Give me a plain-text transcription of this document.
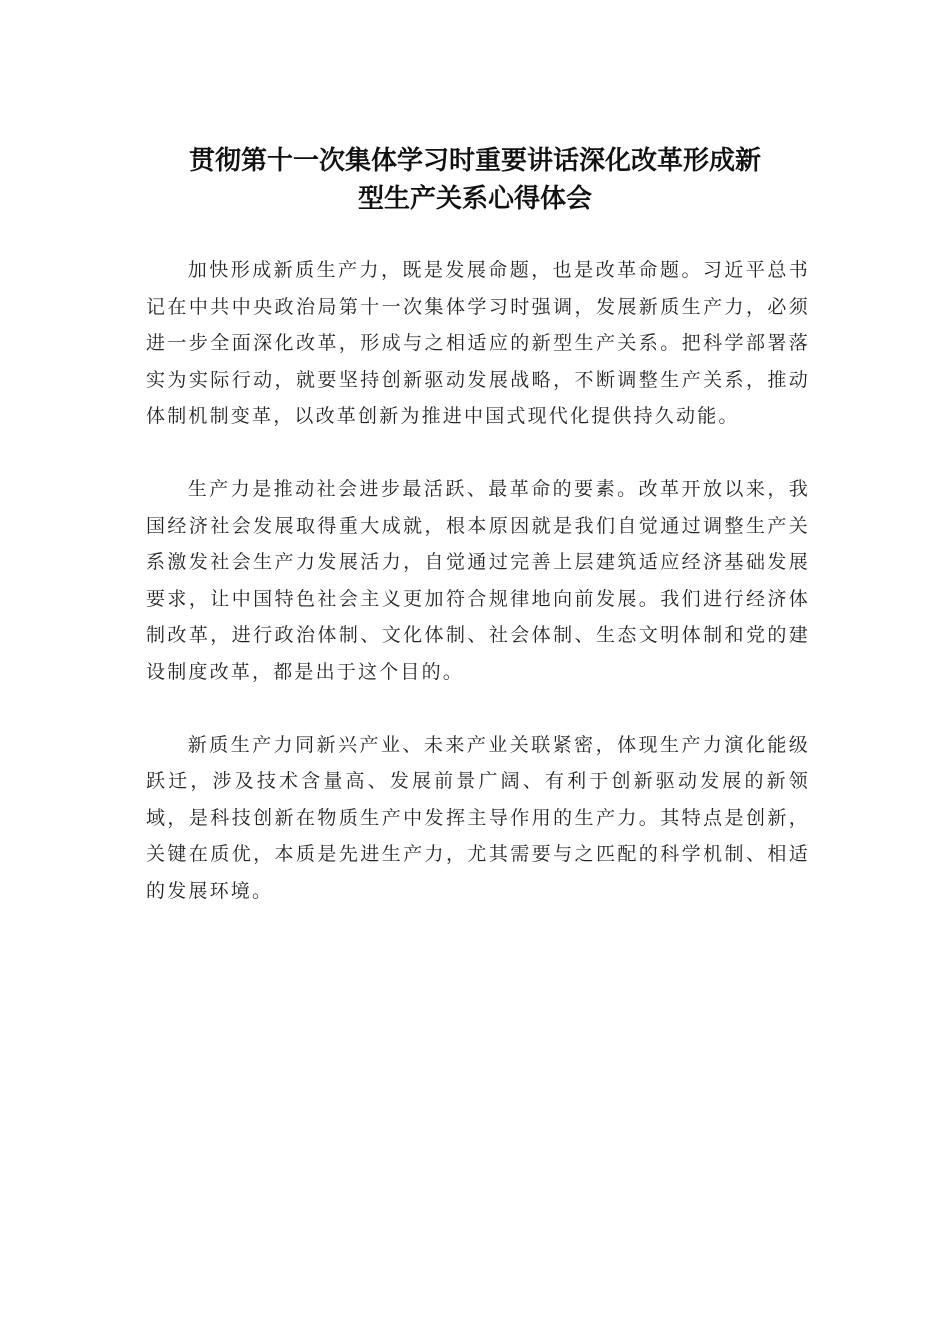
贯彻第十一次集体学习时重要讲话深化改革形成新
型生产关系心得体会

加快形成新质生产力，既是发展命题，也是改革命题。习近平总书记在中共中央政治局第十一次集体学习时强调，发展新质生产力，必须进一步全面深化改革，形成与之相适应的新型生产关系。把科学部署落实为实际行动，就要坚持创新驱动发展战略，不断调整生产关系，推动体制机制变革，以改革创新为推进中国式现代化提供持久动能。

生产力是推动社会进步最活跃、最革命的要素。改革开放以来，我国经济社会发展取得重大成就，根本原因就是我们自觉通过调整生产关系激发社会生产力发展活力，自觉通过完善上层建筑适应经济基础发展要求，让中国特色社会主义更加符合规律地向前发展。我们进行经济体制改革，进行政治体制、文化体制、社会体制、生态文明体制和党的建设制度改革，都是出于这个目的。

新质生产力同新兴产业、未来产业关联紧密，体现生产力演化能级跃迁，涉及技术含量高、发展前景广阔、有利于创新驱动发展的新领域，是科技创新在物质生产中发挥主导作用的生产力。其特点是创新，关键在质优，本质是先进生产力，尤其需要与之匹配的科学机制、相适的发展环境。
